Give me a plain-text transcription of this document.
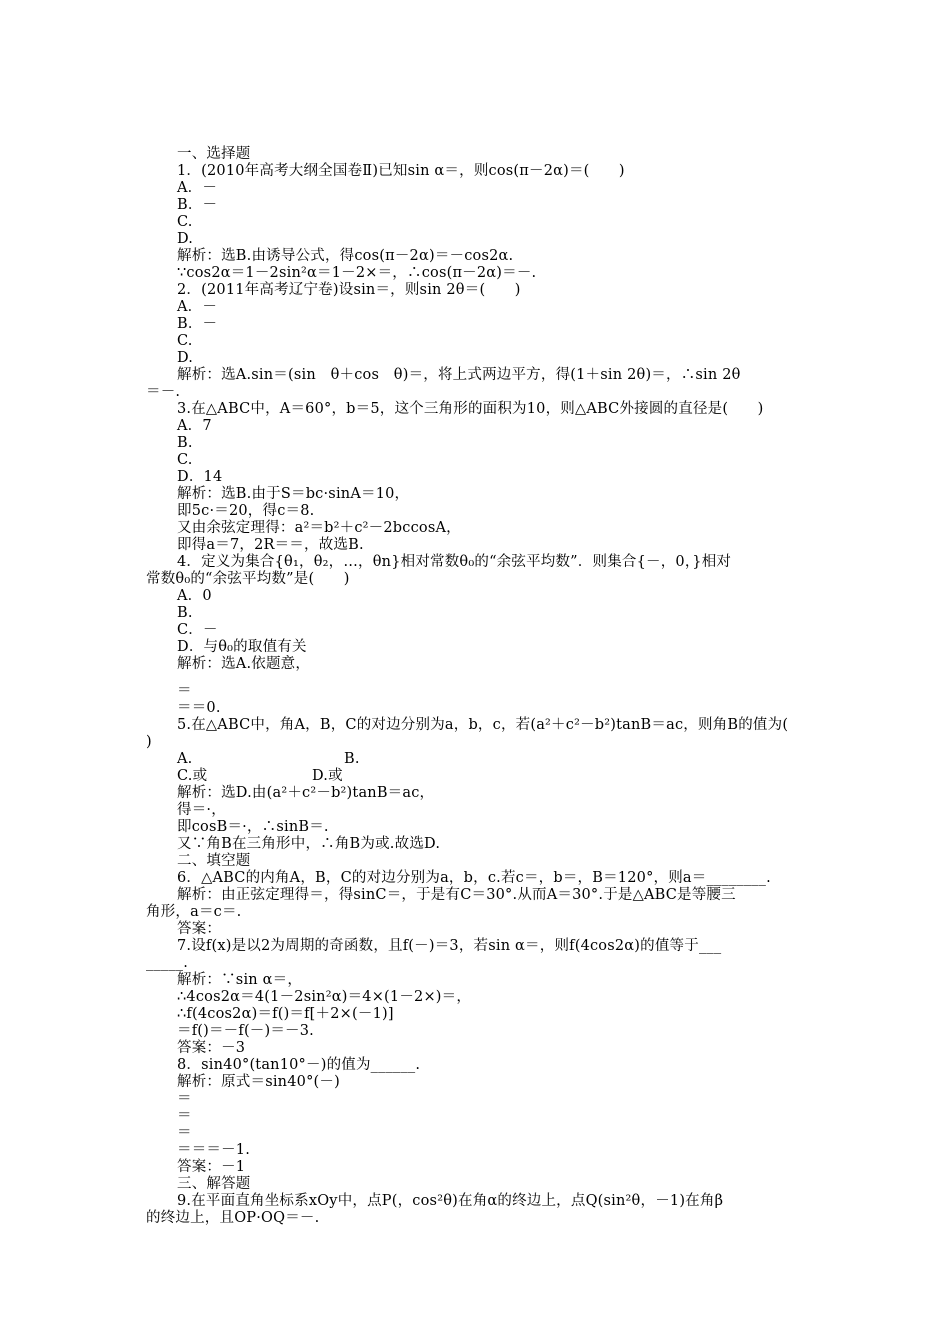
一、选择题
1．(2010年高考大纲全国卷Ⅱ)已知sin α＝，则cos(π－2α)＝(　　)
A．－
B．－
C.
D.
解析：选B.由诱导公式，得cos(π－2α)＝－cos2α.
∵cos2α＝1－2sin²α＝1－2×＝，∴cos(π－2α)＝－.
2．(2011年高考辽宁卷)设sin＝，则sin 2θ＝(　　)
A．－
B．－
C.
D.
解析：选A.sin＝(sin　θ＋cos　θ)＝，将上式两边平方，得(1＋sin 2θ)＝，∴sin 2θ
＝－.
3.在△ABC中，A＝60°，b＝5，这个三角形的面积为10，则△ABC外接圆的直径是(　　)
A．7
B.
C.
D．14
解析：选B.由于S＝bc·sinA＝10，
即5c·＝20，得c＝8.
又由余弦定理得：a²＝b²＋c²－2bccosA，
即得a＝7，2R＝＝，故选B.
4．定义为集合{θ₁，θ₂，…，θn}相对常数θ₀的“余弦平均数”．则集合{－，0，}相对
常数θ₀的“余弦平均数”是(　　)
A．0
B.
C．－
D．与θ₀的取值有关
解析：选A.依题意，
＝
＝＝0.
5.在△ABC中，角A，B，C的对边分别为a，b，c，若(a²＋c²－b²)tanB＝ac，则角B的值为(
)
A.	B.
C.或	D.或
解析：选D.由(a²＋c²－b²)tanB＝ac，
得＝·，
即cosB＝·，∴sinB＝.
又∵角B在三角形中，∴角B为或.故选D.
二、填空题
6．△ABC的内角A，B，C的对边分别为a，b，c.若c＝，b＝，B＝120°，则a＝________.
解析：由正弦定理得＝，得sinC＝，于是有C＝30°.从而A＝30°.于是△ABC是等腰三
角形，a＝c＝.
答案：
7.设f(x)是以2为周期的奇函数，且f(－)＝3，若sin α＝，则f(4cos2α)的值等于___
_____.
解析：∵sin α＝，
∴4cos2α＝4(1－2sin²α)＝4×(1－2×)＝，
∴f(4cos2α)＝f()＝f[＋2×(－1)]
＝f()＝－f(－)＝－3.
答案：－3
8．sin40°(tan10°－)的值为______.
解析：原式＝sin40°(－)
＝
＝
＝
＝＝＝－1.
答案：－1
三、解答题
9.在平面直角坐标系xOy中，点P(，cos²θ)在角α的终边上，点Q(sin²θ，－1)在角β
的终边上，且OP·OQ＝－.
